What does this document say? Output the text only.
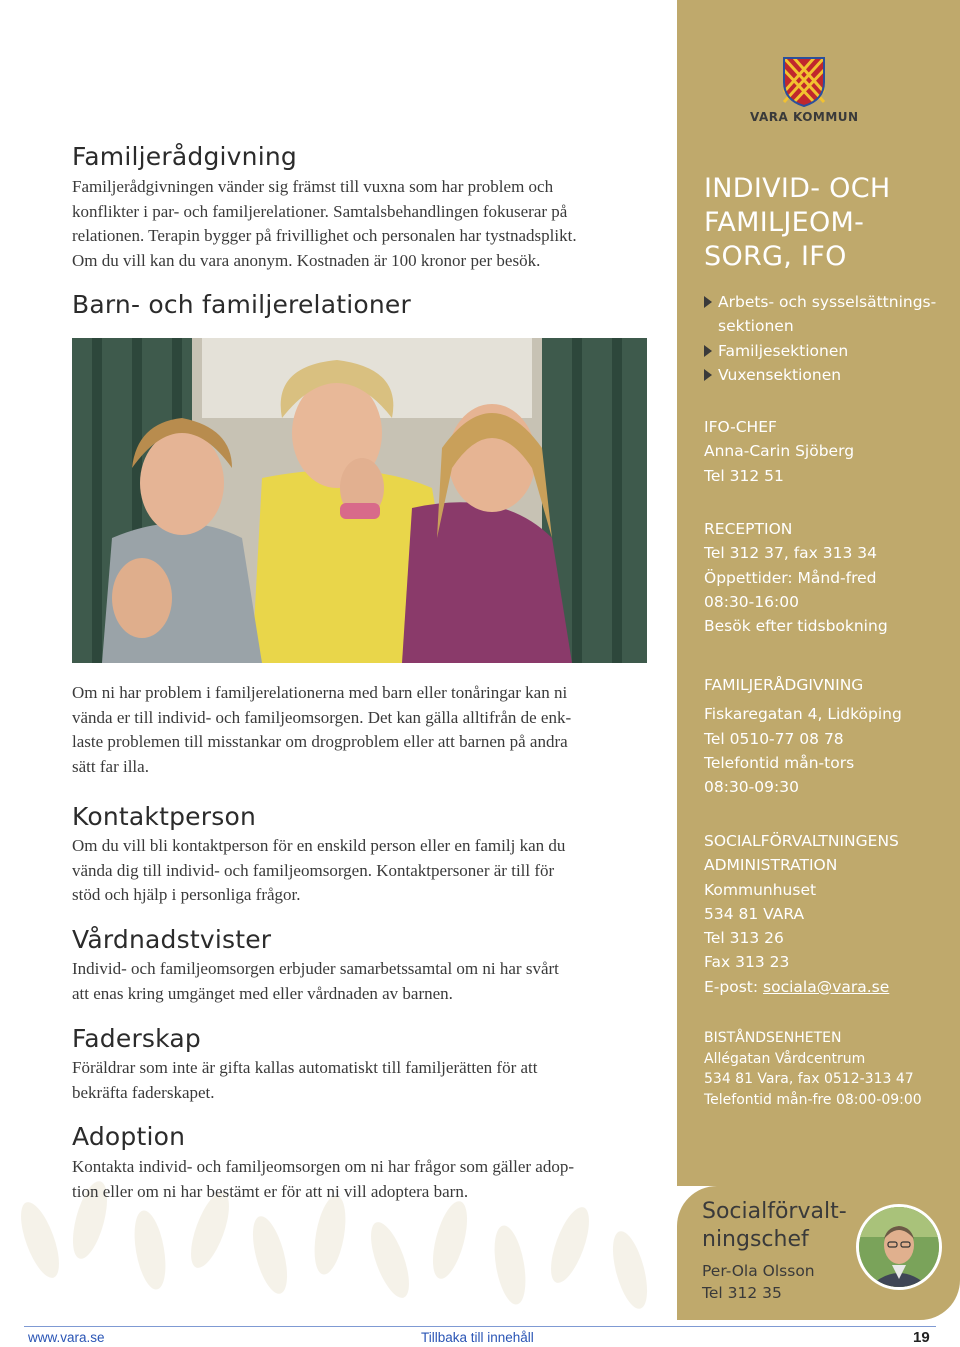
Familjerådgivning
Familjerådgivningen vänder sig främst till vuxna som har problem och
konflikter i par- och familjerelationer. Samtalsbehandlingen fokuserar på
relationen. Terapin bygger på frivillighet och personalen har tystnadsplikt.
Om du vill kan du vara anonym. Kostnaden är 100 kronor per besök.
Barn- och familjerelationer
Om ni har problem i familjerelationerna med barn eller tonåringar kan ni
vända er till individ- och familjeomsorgen. Det kan gälla alltifrån de enk-
laste problemen till misstankar om drogproblem eller att barnen på andra
sätt far illa.
Kontaktperson
Om du vill bli kontaktperson för en enskild person eller en familj kan du
vända dig till individ- och familjeomsorgen. Kontaktpersoner är till för
stöd och hjälp i personliga frågor.
Vårdnadstvister
Individ- och familjeomsorgen erbjuder samarbetssamtal om ni har svårt
att enas kring umgänget med eller vårdnaden av barnen.
Faderskap
Föräldrar som inte är gifta kallas automatiskt till familjerätten för att
bekräfta faderskapet.
Adoption
Kontakta individ- och familjeomsorgen om ni har frågor som gäller adop-
tion eller om ni har bestämt er för att ni vill adoptera barn.
VARA KOMMUN
INDIVID- OCH
FAMILJEOM-
SORG, IFO
Arbets- och sysselsättnings-
sektionen
Familjesektionen
Vuxensektionen
IFO-CHEF
Anna-Carin Sjöberg
Tel 312 51
RECEPTION
Tel 312 37, fax 313 34
Öppettider: Månd-fred
08:30-16:00
Besök efter tidsbokning
FAMILJERÅDGIVNING
Fiskaregatan 4, Lidköping
Tel 0510-77 08 78
Telefontid mån-tors
08:30-09:30
SOCIALFÖRVALTNINGENS
ADMINISTRATION
Kommunhuset
534 81 VARA
Tel 313 26
Fax 313 23
E-post: sociala@vara.se
BISTÅNDSENHETEN
Allégatan Vårdcentrum
534 81 Vara, fax 0512-313 47
Telefontid mån-fre 08:00-09:00
Socialförvalt-
ningschef
Per-Ola Olsson
Tel 312 35
www.vara.se	Tillbaka till innehåll	19
